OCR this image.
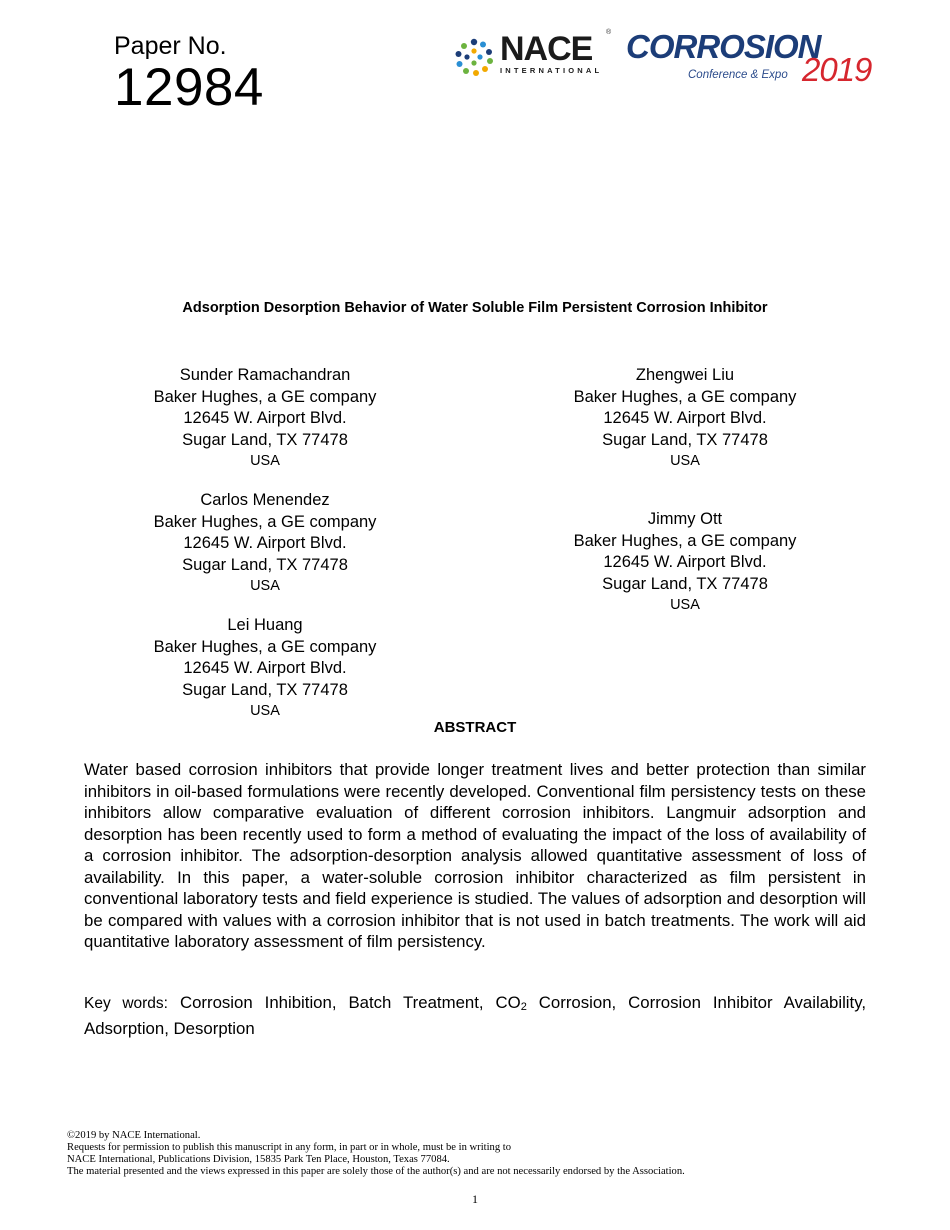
Paper No.
12984
NACE ®
INTERNATIONAL
CORROSION
Conference & Expo 2019
Adsorption Desorption Behavior of Water Soluble Film Persistent Corrosion Inhibitor
Sunder Ramachandran
Baker Hughes, a GE company
12645 W. Airport Blvd.
Sugar Land, TX 77478
USA
Zhengwei Liu
Baker Hughes, a GE company
12645 W. Airport Blvd.
Sugar Land, TX 77478
USA
Carlos Menendez
Baker Hughes, a GE company
12645 W. Airport Blvd.
Sugar Land, TX 77478
USA
Jimmy Ott
Baker Hughes, a GE company
12645 W. Airport Blvd.
Sugar Land, TX 77478
USA
Lei Huang
Baker Hughes, a GE company
12645 W. Airport Blvd.
Sugar Land, TX 77478
USA
ABSTRACT
Water based corrosion inhibitors that provide longer treatment lives and better protection than similar inhibitors in oil-based formulations were recently developed. Conventional film persistency tests on these inhibitors allow comparative evaluation of different corrosion inhibitors. Langmuir adsorption and desorption has been recently used to form a method of evaluating the impact of the loss of availability of a corrosion inhibitor. The adsorption-desorption analysis allowed quantitative assessment of loss of availability. In this paper, a water-soluble corrosion inhibitor characterized as film persistent in conventional laboratory tests and field experience is studied. The values of adsorption and desorption will be compared with values with a corrosion inhibitor that is not used in batch treatments. The work will aid quantitative laboratory assessment of film persistency.
Key words: Corrosion Inhibition, Batch Treatment, $CO_2$ Corrosion, Corrosion Inhibitor Availability, Adsorption, Desorption
©2019 by NACE International.
Requests for permission to publish this manuscript in any form, in part or in whole, must be in writing to
NACE International, Publications Division, 15835 Park Ten Place, Houston, Texas 77084.
The material presented and the views expressed in this paper are solely those of the author(s) and are not necessarily endorsed by the Association.
1
